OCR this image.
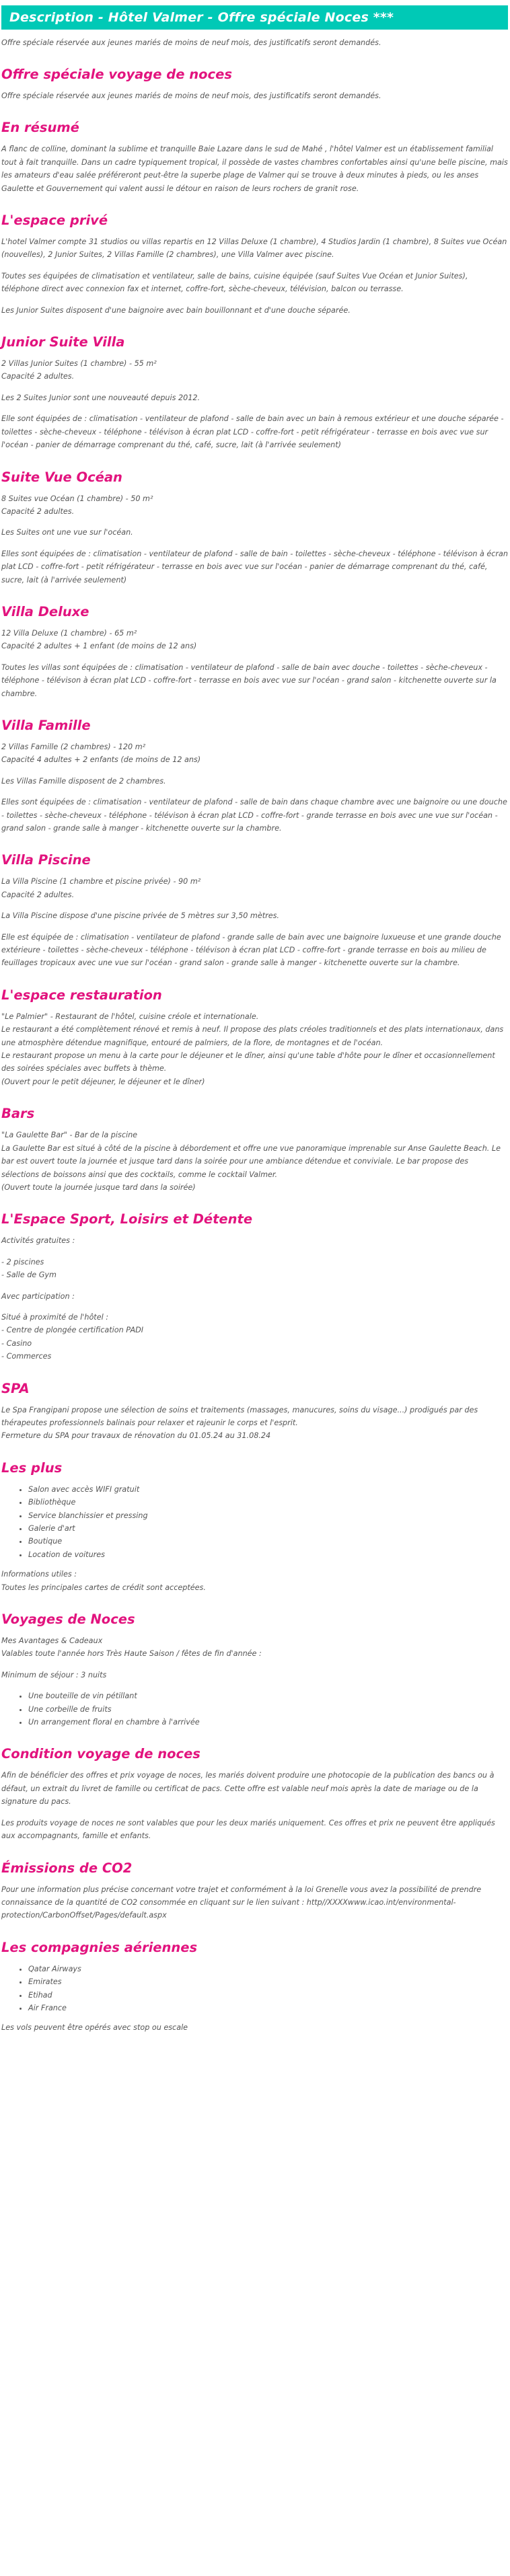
Description - Hôtel Valmer - Offre spéciale Noces ***

Offre spéciale réservée aux jeunes mariés de moins de neuf mois, des justificatifs seront demandés.

Offre spéciale voyage de noces

Offre spéciale réservée aux jeunes mariés de moins de neuf mois, des justificatifs seront demandés.

En résumé

A flanc de colline, dominant la sublime et tranquille Baie Lazare dans le sud de Mahé , l'hôtel Valmer est un établissement familial tout à fait tranquille. Dans un cadre typiquement tropical, il possède de vastes chambres confortables ainsi qu'une belle piscine, mais les amateurs d'eau salée préféreront peut-être la superbe plage de Valmer qui se trouve à deux minutes à pieds, ou les anses Gaulette et Gouvernement qui valent aussi le détour en raison de leurs rochers de granit rose.

L'espace privé

L'hotel Valmer compte 31 studios ou villas repartis en 12 Villas Deluxe (1 chambre), 4 Studios Jardin (1 chambre), 8 Suites vue Océan (nouvelles), 2 Junior Suites, 2 Villas Famille (2 chambres), une Villa Valmer avec piscine.

Toutes ses équipées de climatisation et ventilateur, salle de bains, cuisine équipée (sauf Suites Vue Océan et Junior Suites), téléphone direct avec connexion fax et internet, coffre-fort, sèche-cheveux, télévision, balcon ou terrasse.

Les Junior Suites disposent d'une baignoire avec bain bouillonnant et d'une douche séparée.

Junior Suite Villa
2 Villas Junior Suites (1 chambre) - 55 m²
Capacité 2 adultes.

Les 2 Suites Junior sont une nouveauté depuis 2012.

Elle sont équipées de : climatisation - ventilateur de plafond - salle de bain avec un bain à remous extérieur et une douche séparée - toilettes - sèche-cheveux - téléphone - télévison à écran plat LCD - coffre-fort - petit réfrigérateur - terrasse en bois avec vue sur l'océan - panier de démarrage comprenant du thé, café, sucre, lait (à l'arrivée seulement)

Suite Vue Océan
8 Suites vue Océan (1 chambre) - 50 m²
Capacité 2 adultes.

Les Suites ont une vue sur l'océan.

Elles sont équipées de : climatisation - ventilateur de plafond - salle de bain - toilettes - sèche-cheveux - téléphone - télévison à écran plat LCD - coffre-fort - petit réfrigérateur - terrasse en bois avec vue sur l'océan - panier de démarrage comprenant du thé, café, sucre, lait (à l'arrivée seulement)

Villa Deluxe
12 Villa Deluxe (1 chambre) - 65 m²
Capacité 2 adultes + 1 enfant (de moins de 12 ans)

Toutes les villas sont équipées de : climatisation - ventilateur de plafond - salle de bain avec douche - toilettes - sèche-cheveux - téléphone - télévison à écran plat LCD - coffre-fort - terrasse en bois avec vue sur l'océan - grand salon - kitchenette ouverte sur la chambre.

Villa Famille
2 Villas Famille (2 chambres) - 120 m²
Capacité 4 adultes + 2 enfants (de moins de 12 ans)

Les Villas Famille disposent de 2 chambres.

Elles sont équipées de : climatisation - ventilateur de plafond - salle de bain dans chaque chambre avec une baignoire ou une douche - toilettes - sèche-cheveux - téléphone - télévison à écran plat LCD - coffre-fort - grande terrasse en bois avec une vue sur l'océan - grand salon - grande salle à manger - kitchenette ouverte sur la chambre.

Villa Piscine
La Villa Piscine (1 chambre et piscine privée) - 90 m²
Capacité 2 adultes.

La Villa Piscine dispose d'une piscine privée de 5 mètres sur 3,50 mètres.

Elle est équipée de : climatisation - ventilateur de plafond - grande salle de bain avec une baignoire luxueuse et une grande douche extérieure - toilettes - sèche-cheveux - téléphone - télévison à écran plat LCD - coffre-fort - grande terrasse en bois au milieu de feuillages tropicaux avec une vue sur l'océan - grand salon - grande salle à manger - kitchenette ouverte sur la chambre.

L'espace restauration
"Le Palmier" - Restaurant de l'hôtel, cuisine créole et internationale.
Le restaurant a été complètement rénové et remis à neuf. Il propose des plats créoles traditionnels et des plats internationaux, dans une atmosphère détendue magnifique, entouré de palmiers, de la flore, de montagnes et de l'océan.
Le restaurant propose un menu à la carte pour le déjeuner et le dîner, ainsi qu'une table d'hôte pour le dîner et occasionnellement des soirées spéciales avec buffets à thème.
(Ouvert pour le petit déjeuner, le déjeuner et le dîner)
Bars
"La Gaulette Bar" - Bar de la piscine
La Gaulette Bar est situé à côté de la piscine à débordement et offre une vue panoramique imprenable sur Anse Gaulette Beach. Le bar est ouvert toute la journée et jusque tard dans la soirée pour une ambiance détendue et conviviale. Le bar propose des sélections de boissons ainsi que des cocktails, comme le cocktail Valmer.
(Ouvert toute la journée jusque tard dans la soirée)
L'Espace Sport, Loisirs et Détente

Activités gratuites :

- 2 piscines
- Salle de Gym

Avec participation :

Situé à proximité de l'hôtel :
- Centre de plongée certification PADI
- Casino
- Commerces
SPA
Le Spa Frangipani propose une sélection de soins et traitements (massages, manucures, soins du visage...) prodigués par des thérapeutes professionnels balinais pour relaxer et rajeunir le corps et l'esprit.
Fermeture du SPA pour travaux de rénovation du 01.05.24 au 31.08.24
Les plus
• Salon avec accès WIFI gratuit
• Bibliothèque
• Service blanchissier et pressing
• Galerie d'art
• Boutique
• Location de voitures
Informations utiles :
Toutes les principales cartes de crédit sont acceptées.
Voyages de Noces
Mes Avantages & Cadeaux
Valables toute l'année hors Très Haute Saison / fêtes de fin d'année :

Minimum de séjour : 3 nuits

• Une bouteille de vin pétillant
• Une corbeille de fruits
• Un arrangement floral en chambre à l'arrivée
Condition voyage de noces

Afin de bénéficier des offres et prix voyage de noces, les mariés doivent produire une photocopie de la publication des bancs ou à défaut, un extrait du livret de famille ou certificat de pacs. Cette offre est valable neuf mois après la date de mariage ou de la signature du pacs.

Les produits voyage de noces ne sont valables que pour les deux mariés uniquement. Ces offres et prix ne peuvent être appliqués aux accompagnants, famille et enfants.

Émissions de CO2

Pour une information plus précise concernant votre trajet et conformément à la loi Grenelle vous avez la possibilité de prendre connaissance de la quantité de CO2 consommée en cliquant sur le lien suivant : http//XXXXwww.icao.int/environmental-protection/CarbonOffset/Pages/default.aspx

Les compagnies aériennes
• Qatar Airways
• Emirates
• Etihad
• Air France

Les vols peuvent être opérés avec stop ou escale
